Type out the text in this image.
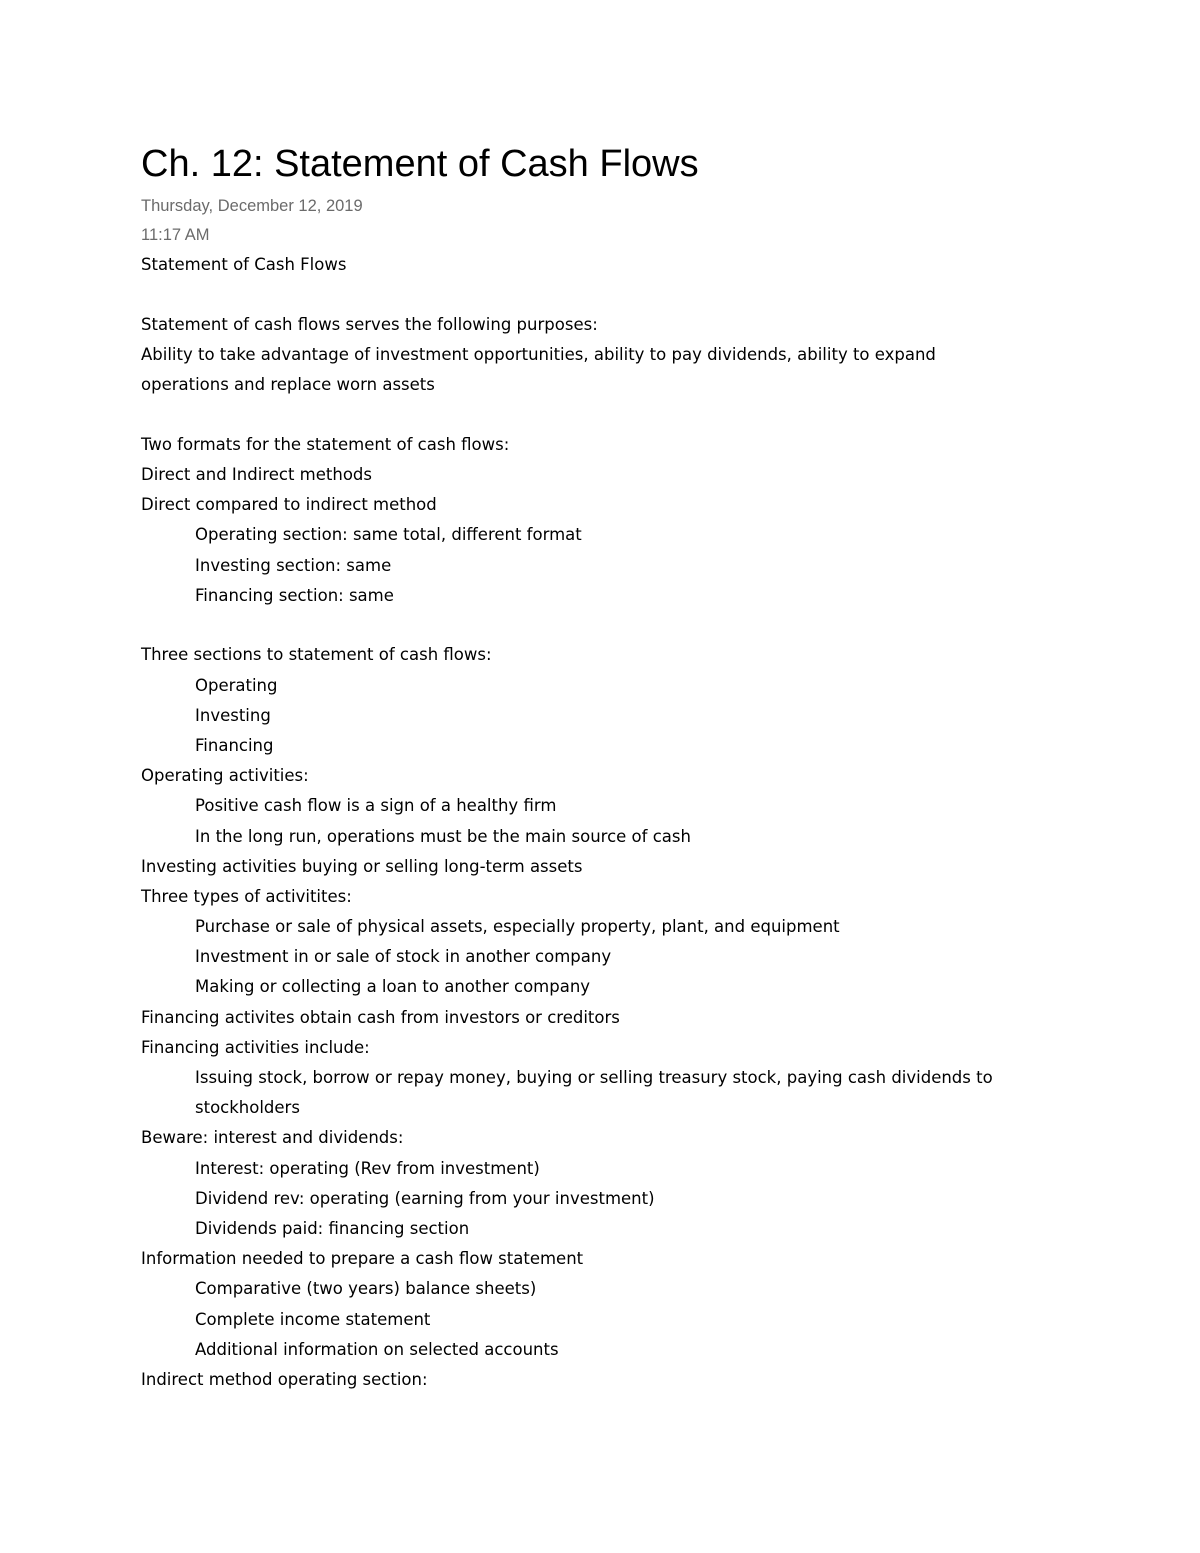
Ch. 12: Statement of Cash Flows
Thursday, December 12, 2019
11:17 AM
Statement of Cash Flows
Statement of cash flows serves the following purposes:
Ability to take advantage of investment opportunities, ability to pay dividends, ability to expand
operations and replace worn assets
Two formats for the statement of cash flows:
Direct and Indirect methods
Direct compared to indirect method
Operating section: same total, different format
Investing section: same
Financing section: same
Three sections to statement of cash flows:
Operating
Investing
Financing
Operating activities:
Positive cash flow is a sign of a healthy firm
In the long run, operations must be the main source of cash
Investing activities buying or selling long-term assets
Three types of activitites:
Purchase or sale of physical assets, especially property, plant, and equipment
Investment in or sale of stock in another company
Making or collecting a loan to another company
Financing activites obtain cash from investors or creditors
Financing activities include:
Issuing stock, borrow or repay money, buying or selling treasury stock, paying cash dividends to
stockholders
Beware: interest and dividends:
Interest: operating (Rev from investment)
Dividend rev: operating (earning from your investment)
Dividends paid: financing section
Information needed to prepare a cash flow statement
Comparative (two years) balance sheets)
Complete income statement
Additional information on selected accounts
Indirect method operating section:
